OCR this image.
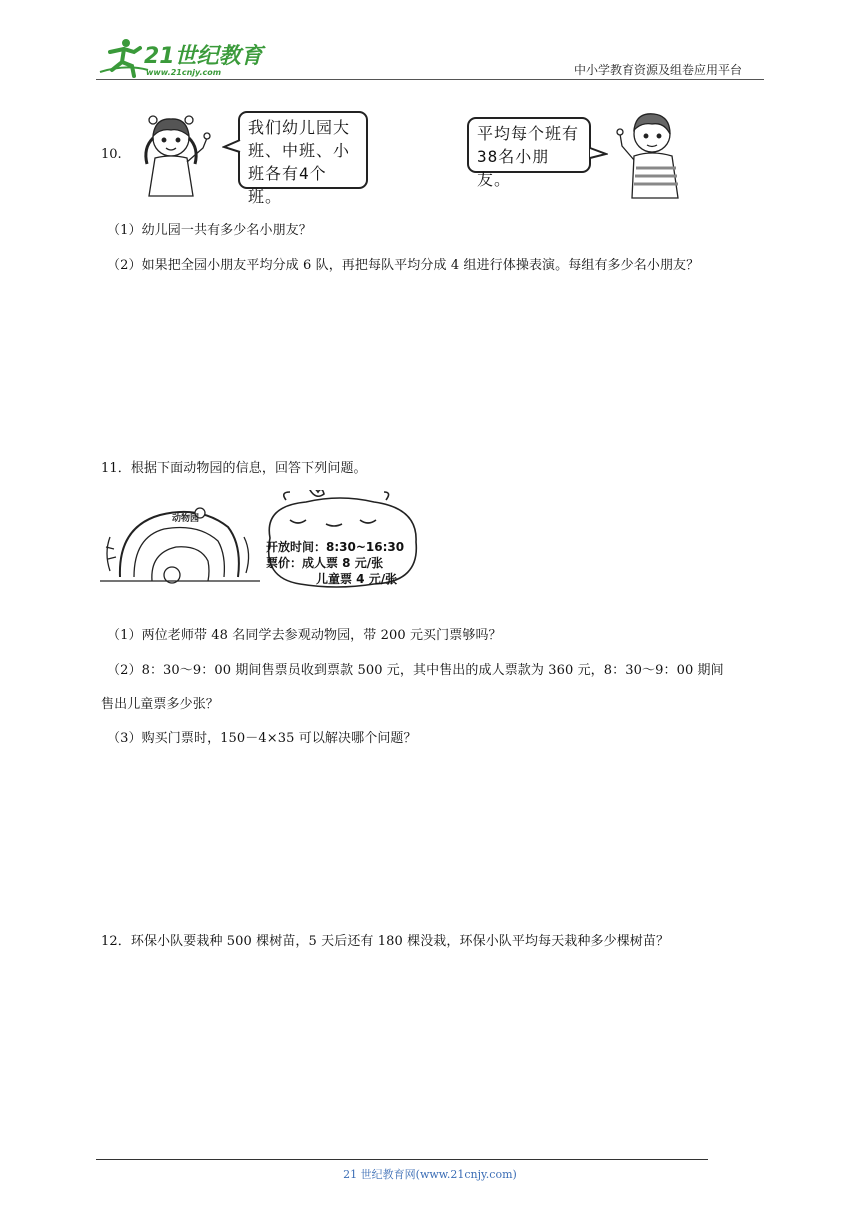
21世纪教育
www.21cnjy.com	中小学教育资源及组卷应用平台
10.
我们幼儿园大
班、中班、小
班各有4个班。
平均每个班有
38名小朋友。
（1）幼儿园一共有多少名小朋友？
（2）如果把全园小朋友平均分成 6 队，再把每队平均分成 4 组进行体操表演。每组有多少名小朋友？
11．根据下面动物园的信息，回答下列问题。
动物园
开放时间：8:30~16:30
票价：成人票 8 元/张
儿童票 4 元/张
（1）两位老师带 48 名同学去参观动物园，带 200 元买门票够吗？
（2）8：30～9：00 期间售票员收到票款 500 元，其中售出的成人票款为 360 元，8：30～9：00 期间
售出儿童票多少张？
（3）购买门票时，150－4×35 可以解决哪个问题？
12．环保小队要栽种 500 棵树苗，5 天后还有 180 棵没栽，环保小队平均每天栽种多少棵树苗？
21 世纪教育网(www.21cnjy.com)
